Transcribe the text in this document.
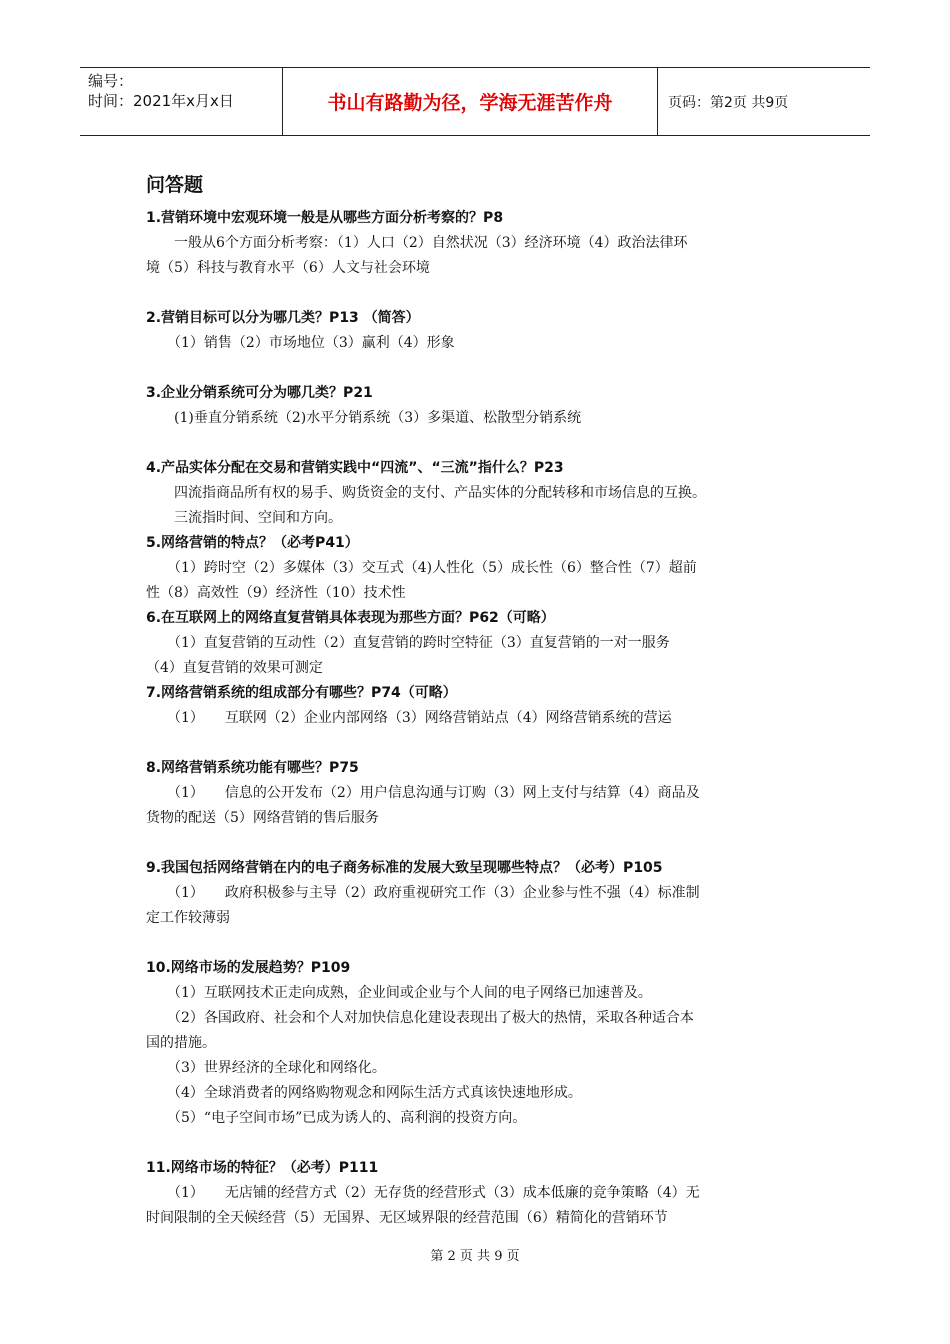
编号：
时间：2021年x月x日	书山有路勤为径，学海无涯苦作舟	页码：第2页 共9页
问答题
1.营销环境中宏观环境一般是从哪些方面分析考察的？P8
　　一般从6个方面分析考察：（1）人口（2）自然状况（3）经济环境（4）政治法律环
境（5）科技与教育水平（6）人文与社会环境
2.营销目标可以分为哪几类？P13 （简答）
　　（1）销售（2）市场地位（3）赢利（4）形象
3.企业分销系统可分为哪几类？P21
　　(1)垂直分销系统（2)水平分销系统（3）多渠道、松散型分销系统
4.产品实体分配在交易和营销实践中“四流”、“三流”指什么？P23
　　四流指商品所有权的易手、购货资金的支付、产品实体的分配转移和市场信息的互换。
　　三流指时间、空间和方向。
5.网络营销的特点？（必考P41）
　　（1）跨时空（2）多媒体（3）交互式（4)人性化（5）成长性（6）整合性（7）超前
性（8）高效性（9）经济性（10）技术性
6.在互联网上的网络直复营销具体表现为那些方面？P62（可略）
　　（1）直复营销的互动性（2）直复营销的跨时空特征（3）直复营销的一对一服务
（4）直复营销的效果可测定
7.网络营销系统的组成部分有哪些？P74（可略）
　　（1）　　互联网（2）企业内部网络（3）网络营销站点（4）网络营销系统的营运
8.网络营销系统功能有哪些？P75
　　（1）　　信息的公开发布（2）用户信息沟通与订购（3）网上支付与结算（4）商品及
货物的配送（5）网络营销的售后服务
9.我国包括网络营销在内的电子商务标准的发展大致呈现哪些特点？（必考）P105
　　（1）　　政府积极参与主导（2）政府重视研究工作（3）企业参与性不强（4）标准制
定工作较薄弱
10.网络市场的发展趋势？P109
　　（1）互联网技术正走向成熟，企业间或企业与个人间的电子网络已加速普及。
　　（2）各国政府、社会和个人对加快信息化建设表现出了极大的热情，采取各种适合本
国的措施。
　　（3）世界经济的全球化和网络化。
　　（4）全球消费者的网络购物观念和网际生活方式真该快速地形成。
　　（5）“电子空间市场”已成为诱人的、高利润的投资方向。
11.网络市场的特征？（必考）P111
　　（1）　　无店铺的经营方式（2）无存货的经营形式（3）成本低廉的竞争策略（4）无
时间限制的全天候经营（5）无国界、无区域界限的经营范围（6）精简化的营销环节
第 2 页 共 9 页
